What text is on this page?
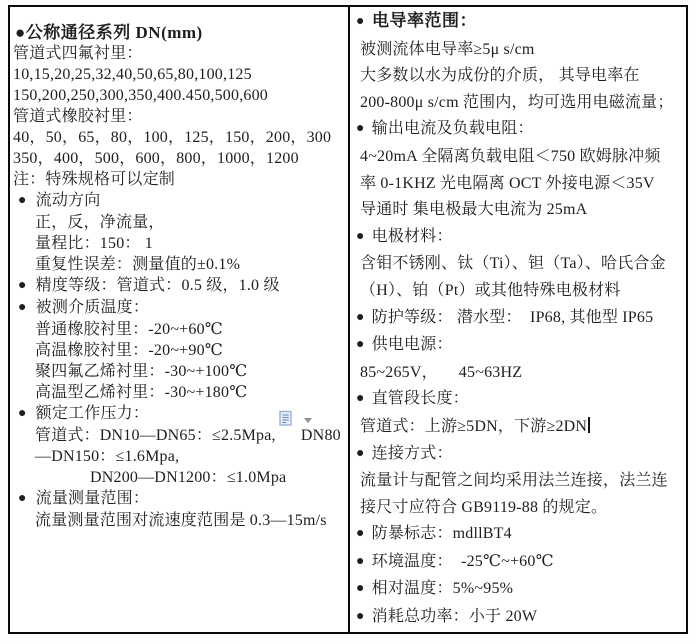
●公称通径系列 DN(mm)
管道式四氟衬里：
10,15,20,25,32,40,50,65,80,100,125
150,200,250,300,350,400.450,500,600
管道式橡胶衬里：
40，50，65，80，100，125，150，200，300
350，400，500，600，800，1000，1200
注：特殊规格可以定制
● 流动方向
正，反，净流量，
量程比：150： 1
重复性误差：测量值的±0.1%
● 精度等级：管道式：0.5 级，1.0 级
● 被测介质温度：
普通橡胶衬里：-20~+60℃
高温橡胶衬里：-20~+90℃
聚四氟乙烯衬里：-30~+100℃
高温型乙烯衬里：-30~+180℃
● 额定工作压力：
管道式：DN10—DN65：≤2.5Mpa,      DN80
—DN150：≤1.6Mpa,
DN200—DN1200：≤1.0Mpa
● 流量测量范围：
流量测量范围对流速度范围是 0.3—15m/s
● 电导率范围：
被测流体电导率≥5μ s/cm
大多数以水为成份的介质， 其导电率在
200-800μ s/cm 范围内，均可选用电磁流量；
● 输出电流及负载电阻：
4~20mA 全隔离负载电阻＜750 欧姆脉冲频
率 0-1KHZ 光电隔离 OCT 外接电源＜35V
导通时 集电极最大电流为 25mA
● 电极材料：
含钼不锈刚、钛（Ti）、钽（Ta）、哈氏合金
（H）、铂（Pt）或其他特殊电极材料
● 防护等级： 潜水型：  IP68, 其他型 IP65
● 供电电源：
85~265V，     45~63HZ
● 直管段长度：
管道式：上游≥5DN，下游≥2DN
● 连接方式：
流量计与配管之间均采用法兰连接，法兰连
接尺寸应符合 GB9119-88 的规定。
● 防暴标志：mdllBT4
● 环境温度：  -25℃~+60℃
● 相对温度：5%~95%
● 消耗总功率：小于 20W
